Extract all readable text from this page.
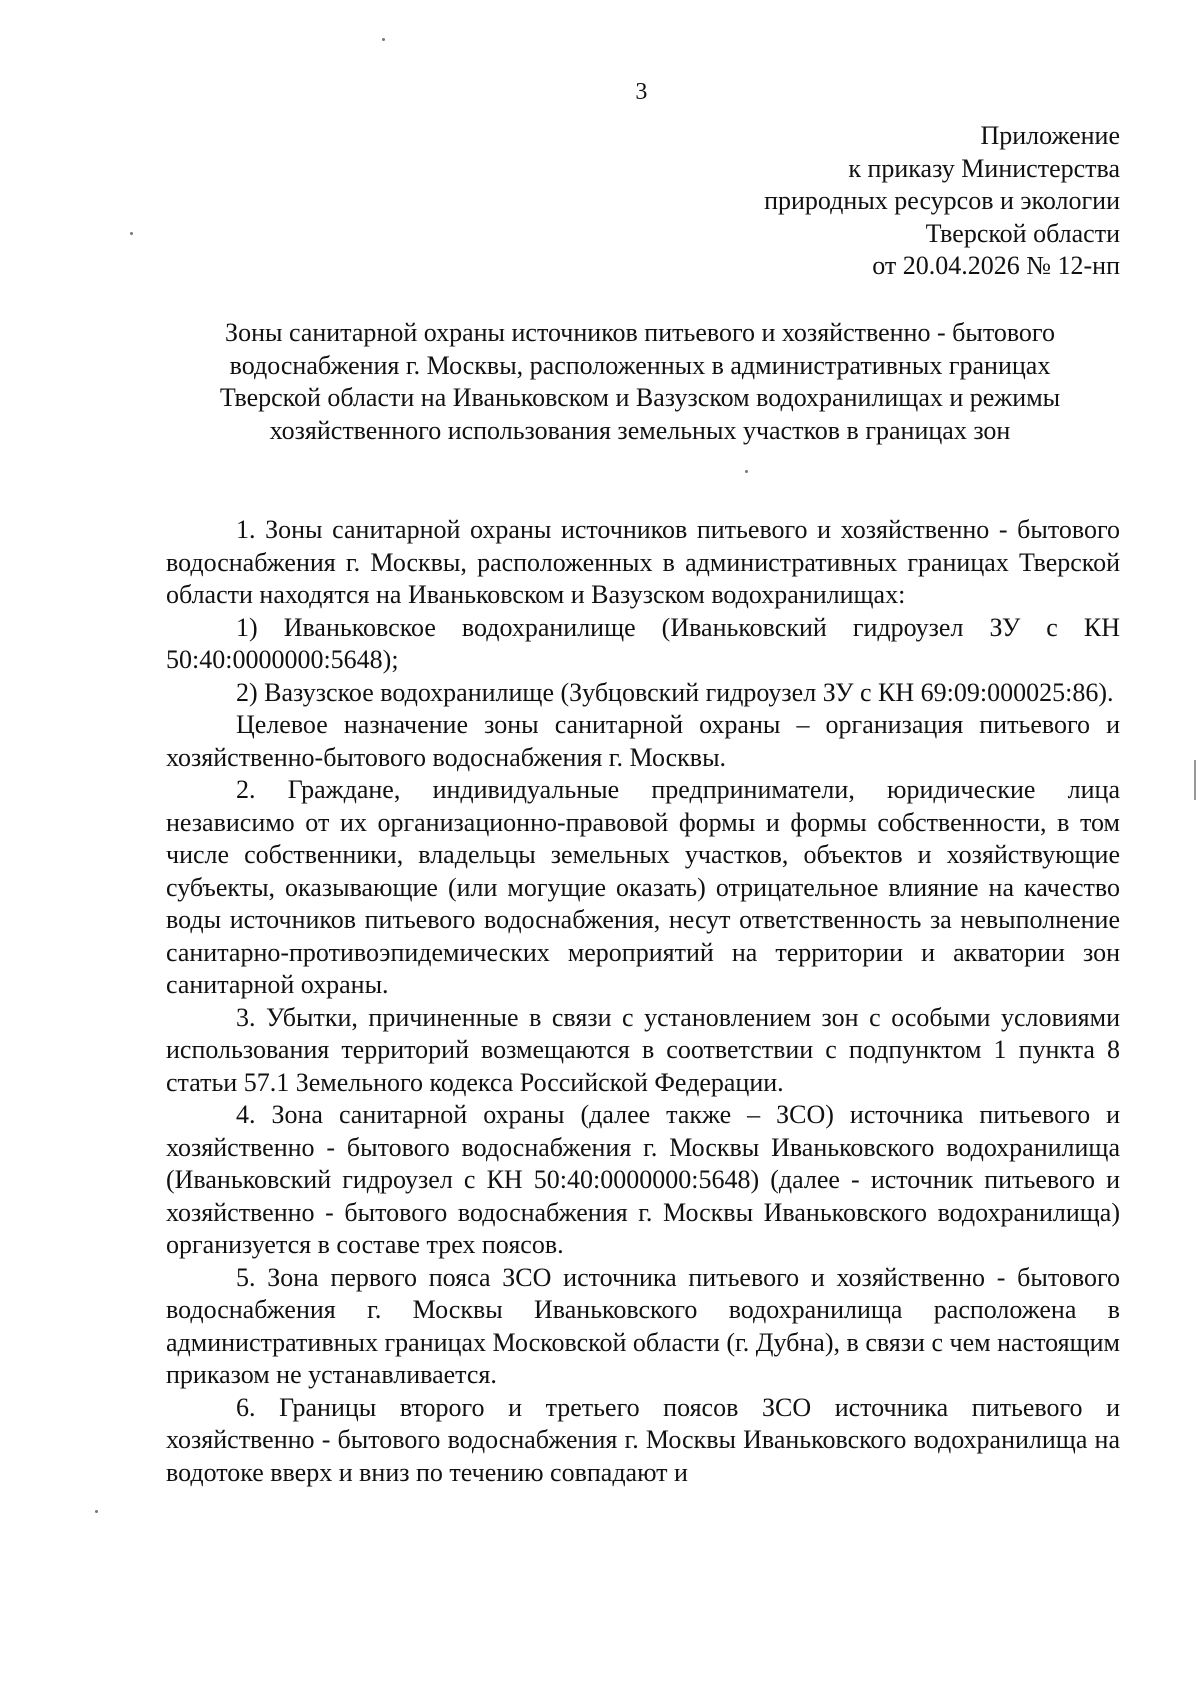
3
Приложение
к приказу Министерства
природных ресурсов и экологии
Тверской области
от 20.04.2026 № 12-нп
Зоны санитарной охраны источников питьевого и хозяйственно - бытового
водоснабжения г. Москвы, расположенных в административных границах
Тверской области на Иваньковском и Вазузском водохранилищах и режимы
хозяйственного использования земельных участков в границах зон

1. Зоны санитарной охраны источников питьевого и хозяйственно - бытового водоснабжения г. Москвы, расположенных в административных границах Тверской области находятся на Иваньковском и Вазузском водохранилищах:

1) Иваньковское водохранилище (Иваньковский гидроузел ЗУ с КН 50:40:0000000:5648);

2) Вазузское водохранилище (Зубцовский гидроузел ЗУ с КН 69:09:000025:86).

Целевое назначение зоны санитарной охраны – организация питьевого и хозяйственно-бытового водоснабжения г. Москвы.

2. Граждане, индивидуальные предприниматели, юридические лица независимо от их организационно-правовой формы и формы собственности, в том числе собственники, владельцы земельных участков, объектов и хозяйствующие субъекты, оказывающие (или могущие оказать) отрицательное влияние на качество воды источников питьевого водоснабжения, несут ответственность за невыполнение санитарно-противоэпидемических мероприятий на территории и акватории зон санитарной охраны.

3. Убытки, причиненные в связи с установлением зон с особыми условиями использования территорий возмещаются в соответствии с подпунктом 1 пункта 8 статьи 57.1 Земельного кодекса Российской Федерации.

4. Зона санитарной охраны (далее также – ЗСО) источника питьевого и хозяйственно - бытового водоснабжения г. Москвы Иваньковского водохранилища (Иваньковский гидроузел с КН 50:40:0000000:5648) (далее - источник питьевого и хозяйственно - бытового водоснабжения г. Москвы Иваньковского водохранилища) организуется в составе трех поясов.

5. Зона первого пояса ЗСО источника питьевого и хозяйственно - бытового водоснабжения г. Москвы Иваньковского водохранилища расположена в административных границах Московской области (г. Дубна), в связи с чем настоящим приказом не устанавливается.

6. Границы второго и третьего поясов ЗСО источника питьевого и хозяйственно - бытового водоснабжения г. Москвы Иваньковского водохранилища на водотоке вверх и вниз по течению совпадают и
